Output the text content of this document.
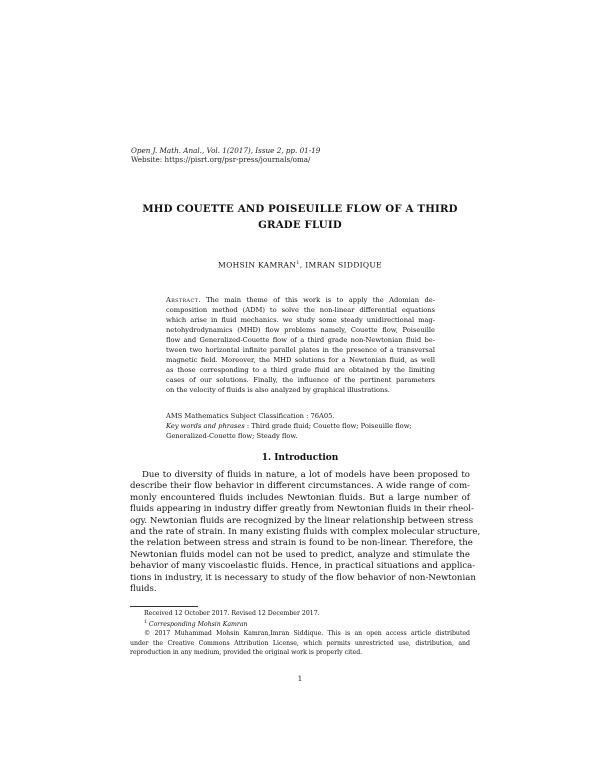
Open J. Math. Anal., Vol. 1(2017), Issue 2, pp. 01-19
Website: https://pisrt.org/psr-press/journals/oma/
MHD COUETTE AND POISEUILLE FLOW OF A THIRD
GRADE FLUID
MOHSIN KAMRAN$^1$, IMRAN SIDDIQUE
Abstract. The main theme of this work is to apply the Adomian de-
composition method (ADM) to solve the non-linear differential equations
which arise in fluid mechanics. we study some steady unidirectional mag-
netohydrodynamics (MHD) flow problems namely, Couette flow, Poiseuille
flow and Generalized-Couette flow of a third grade non-Newtonian fluid be-
tween two horizontal infinite parallel plates in the presence of a transversal
magnetic field. Moreover, the MHD solutions for a Newtonian fluid, as well
as those corresponding to a third grade fluid are obtained by the limiting
cases of our solutions. Finally, the influence of the pertinent parameters
on the velocity of fluids is also analyzed by graphical illustrations.
AMS Mathematics Subject Classification : 76A05.
Key words and phrases : Third grade fluid; Couette flow; Poiseuille flow;
Generalized-Couette flow; Steady flow.
1. Introduction
Due to diversity of fluids in nature, a lot of models have been proposed to
describe their flow behavior in different circumstances. A wide range of com-
monly encountered fluids includes Newtonian fluids. But a large number of
fluids appearing in industry differ greatly from Newtonian fluids in their rheol-
ogy. Newtonian fluids are recognized by the linear relationship between stress
and the rate of strain. In many existing fluids with complex molecular structure,
the relation between stress and strain is found to be non-linear. Therefore, the
Newtonian fluids model can not be used to predict, analyze and stimulate the
behavior of many viscoelastic fluids. Hence, in practical situations and applica-
tions in industry, it is necessary to study of the flow behavior of non-Newtonian
fluids.
Received 12 October 2017. Revised 12 December 2017.
$^1$ Corresponding Mohsin Kamran
© 2017 Muhammad Mohsin Kamran,Imran Siddique. This is an open access article distributed
under the Creative Commons Attribution License, which permits unrestricted use, distribution, and
reproduction in any medium, provided the original work is properly cited.
1
